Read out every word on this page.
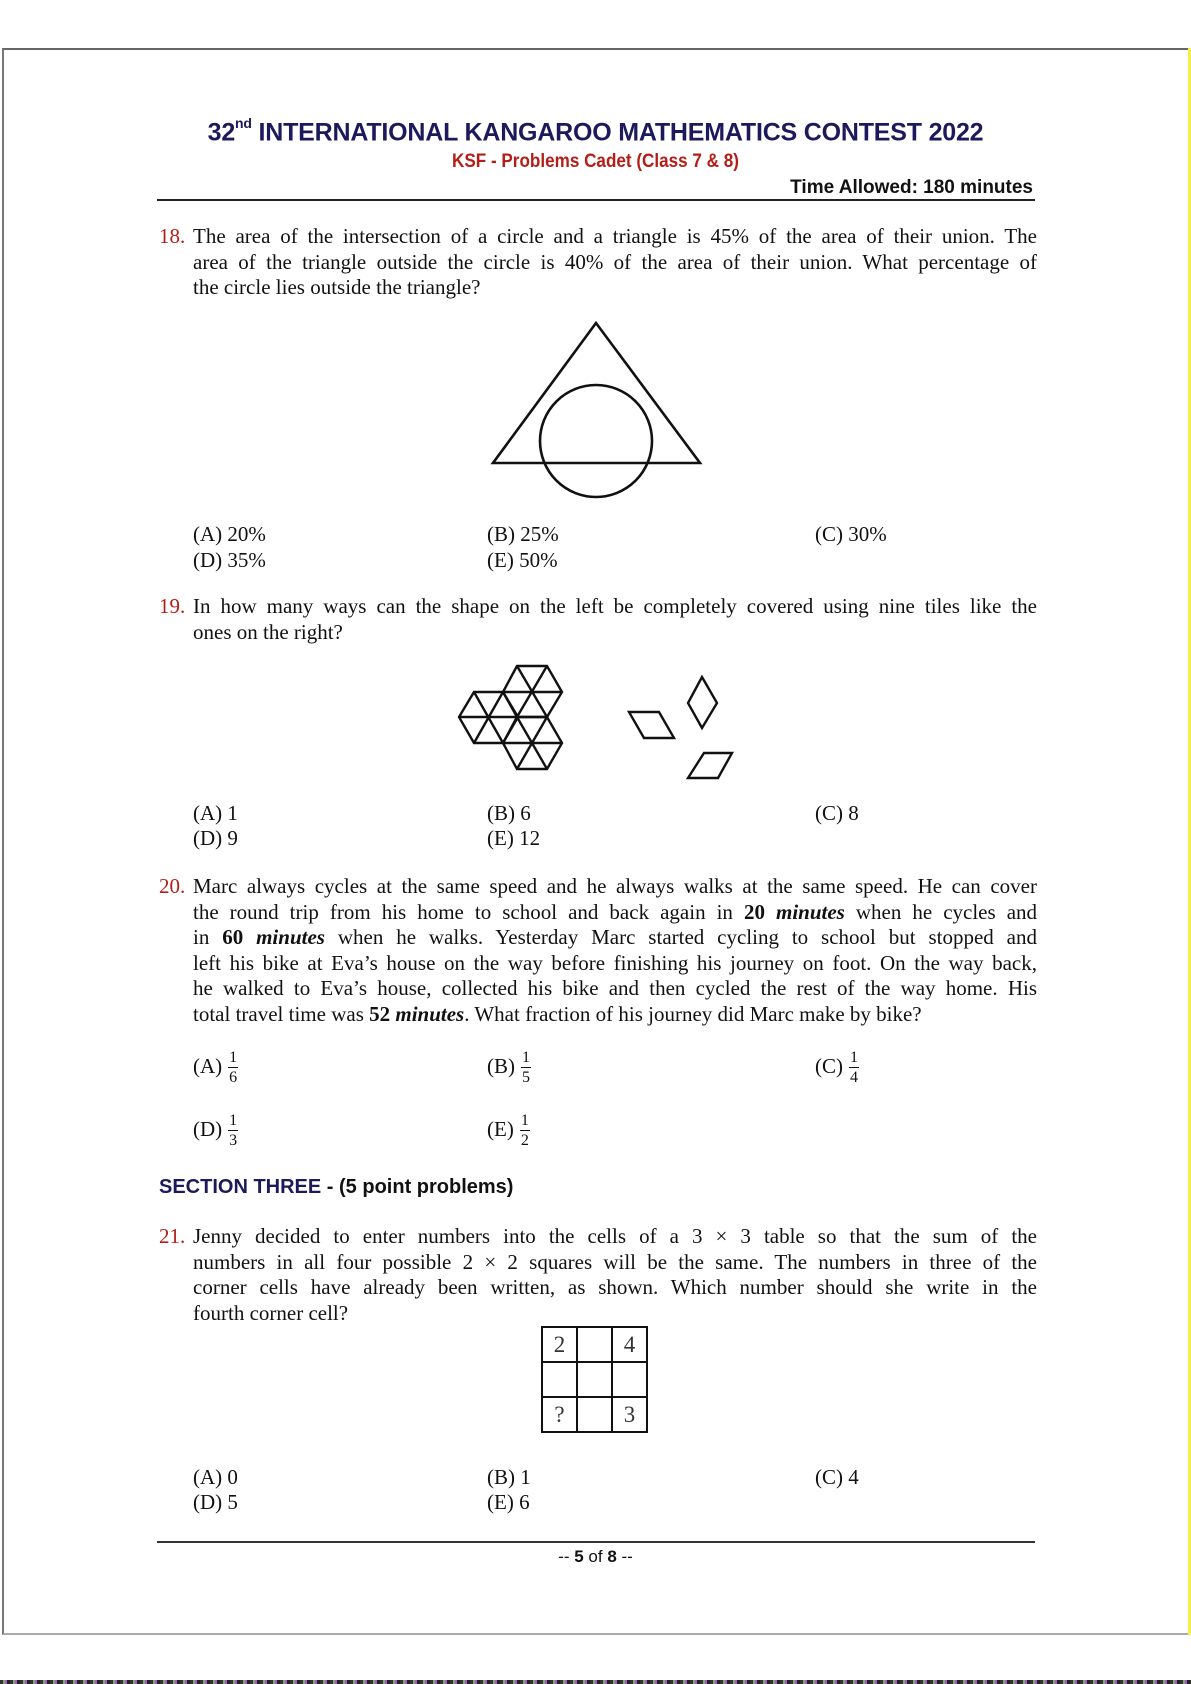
32nd INTERNATIONAL KANGAROO MATHEMATICS CONTEST 2022
KSF - Problems Cadet (Class 7 & 8)
Time Allowed: 180 minutes
18. The area of the intersection of a circle and a triangle is 45% of the area of their union. The
area of the triangle outside the circle is 40% of the area of their union. What percentage of
the circle lies outside the triangle?
(A) 20%	(B) 25%	(C) 30%
(D) 35%	(E) 50%
19. In how many ways can the shape on the left be completely covered using nine tiles like the
ones on the right?
(A) 1	(B) 6	(C) 8
(D) 9	(E) 12
20. Marc always cycles at the same speed and he always walks at the same speed. He can cover
the round trip from his home to school and back again in 20 minutes when he cycles and
in 60 minutes when he walks. Yesterday Marc started cycling to school but stopped and
left his bike at Eva’s house on the way before finishing his journey on foot. On the way back,
he walked to Eva’s house, collected his bike and then cycled the rest of the way home. His
total travel time was 52 minutes. What fraction of his journey did Marc make by bike?
$(A) \frac{1}{6}$	$(B) \frac{1}{5}$	$(C) \frac{1}{4}$
$(D) \frac{1}{3}$	$(E) \frac{1}{2}$
SECTION THREE - (5 point problems)
21. Jenny decided to enter numbers into the cells of a 3 × 3 table so that the sum of the
numbers in all four possible 2 × 2 squares will be the same. The numbers in three of the
corner cells have already been written, as shown. Which number should she write in the
fourth corner cell?
2		4

?		3
(A) 0	(B) 1	(C) 4
(D) 5	(E) 6
-- 5 of 8 --
